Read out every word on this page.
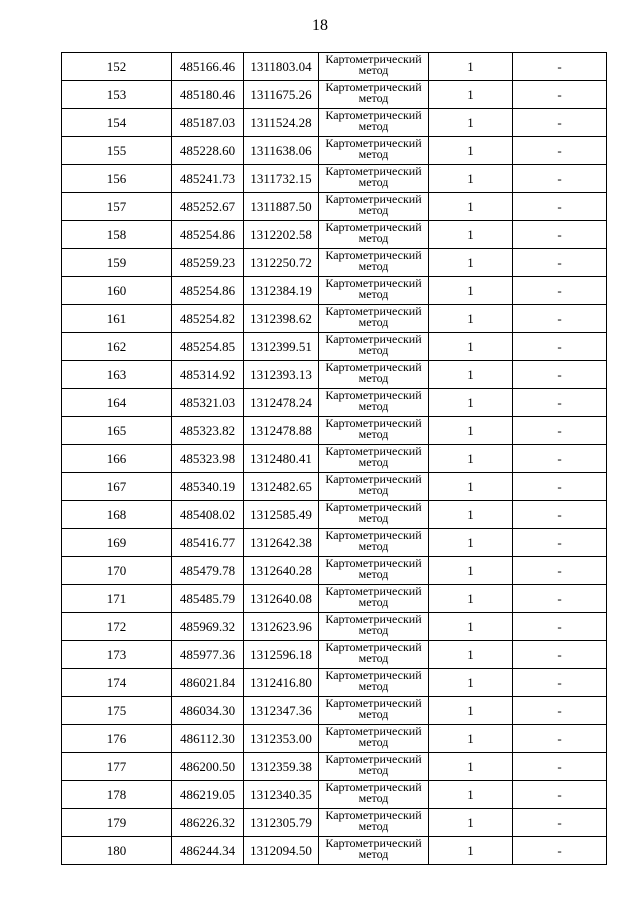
18
152	485166.46	1311803.04	Картометрический метод	1	-
153	485180.46	1311675.26	Картометрический метод	1	-
154	485187.03	1311524.28	Картометрический метод	1	-
155	485228.60	1311638.06	Картометрический метод	1	-
156	485241.73	1311732.15	Картометрический метод	1	-
157	485252.67	1311887.50	Картометрический метод	1	-
158	485254.86	1312202.58	Картометрический метод	1	-
159	485259.23	1312250.72	Картометрический метод	1	-
160	485254.86	1312384.19	Картометрический метод	1	-
161	485254.82	1312398.62	Картометрический метод	1	-
162	485254.85	1312399.51	Картометрический метод	1	-
163	485314.92	1312393.13	Картометрический метод	1	-
164	485321.03	1312478.24	Картометрический метод	1	-
165	485323.82	1312478.88	Картометрический метод	1	-
166	485323.98	1312480.41	Картометрический метод	1	-
167	485340.19	1312482.65	Картометрический метод	1	-
168	485408.02	1312585.49	Картометрический метод	1	-
169	485416.77	1312642.38	Картометрический метод	1	-
170	485479.78	1312640.28	Картометрический метод	1	-
171	485485.79	1312640.08	Картометрический метод	1	-
172	485969.32	1312623.96	Картометрический метод	1	-
173	485977.36	1312596.18	Картометрический метод	1	-
174	486021.84	1312416.80	Картометрический метод	1	-
175	486034.30	1312347.36	Картометрический метод	1	-
176	486112.30	1312353.00	Картометрический метод	1	-
177	486200.50	1312359.38	Картометрический метод	1	-
178	486219.05	1312340.35	Картометрический метод	1	-
179	486226.32	1312305.79	Картометрический метод	1	-
180	486244.34	1312094.50	Картометрический метод	1	-
